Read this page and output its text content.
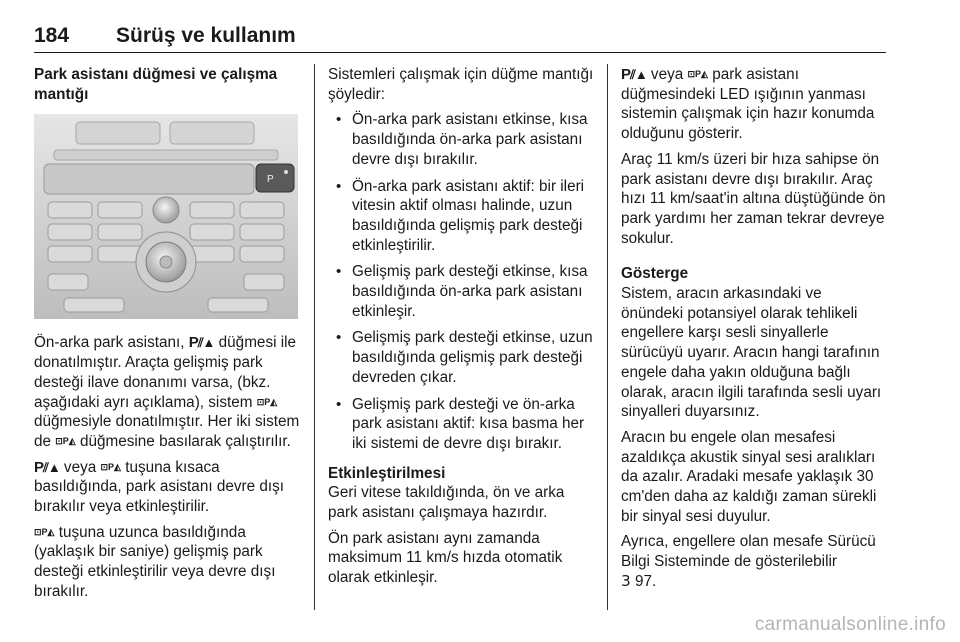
184 Sürüş ve kullanım
Park asistanı düğmesi ve çalışma mantığı
P

Ön-arka park asistanı, P⫽▲ düğmesi ile donatılmıştır. Araçta gelişmiş park desteği ilave donanımı varsa, (bkz. aşağıdaki ayrı açıklama), sistem ⊡P◭ düğmesiyle donatılmıştır. Her iki sistem de ⊡P◭ düğmesine basılarak çalıştırılır.

P⫽▲ veya ⊡P◭ tuşuna kısaca basıldığında, park asistanı devre dışı bırakılır veya etkinleştirilir.

⊡P◭ tuşuna uzunca basıldığında (yaklaşık bir saniye) gelişmiş park desteği etkinleştirilir veya devre dışı bırakılır.

Sistemleri çalışmak için düğme mantığı şöyledir:

• Ön-arka park asistanı etkinse, kısa basıldığında ön-arka park asistanı devre dışı bırakılır.
• Ön-arka park asistanı aktif: bir ileri vitesin aktif olması halinde, uzun basıldığında gelişmiş park desteği etkinleştirilir.
• Gelişmiş park desteği etkinse, kısa basıldığında ön-arka park asistanı etkinleşir.
• Gelişmiş park desteği etkinse, uzun basıldığında gelişmiş park desteği devreden çıkar.
• Gelişmiş park desteği ve ön-arka park asistanı aktif: kısa basma her iki sistemi de devre dışı bırakır.
Etkinleştirilmesi

Geri vitese takıldığında, ön ve arka park asistanı çalışmaya hazırdır.

Ön park asistanı aynı zamanda maksimum 11 km/s hızda otomatik olarak etkinleşir.

P⫽▲ veya ⊡P◭ park asistanı düğmesindeki LED ışığının yanması sistemin çalışmak için hazır konumda olduğunu gösterir.

Araç 11 km/s üzeri bir hıza sahipse ön park asistanı devre dışı bırakılır. Araç hızı 11 km/saat'in altına düştüğünde ön park yardımı her zaman tekrar devreye sokulur.

Gösterge

Sistem, aracın arkasındaki ve önündeki potansiyel olarak tehlikeli engellere karşı sesli sinyallerle sürücüyü uyarır. Aracın hangi tarafının engele daha yakın olduğuna bağlı olarak, aracın ilgili tarafında sesli uyarı sinyalleri duyarsınız.

Aracın bu engele olan mesafesi azaldıkça akustik sinyal sesi aralıkları da azalır. Aradaki mesafe yaklaşık 30 cm'den daha az kaldığı zaman sürekli bir sinyal sesi duyulur.

Ayrıca, engellere olan mesafe Sürücü Bilgi Sisteminde de gösterilebilir
3 97.

carmanualsonline.info
